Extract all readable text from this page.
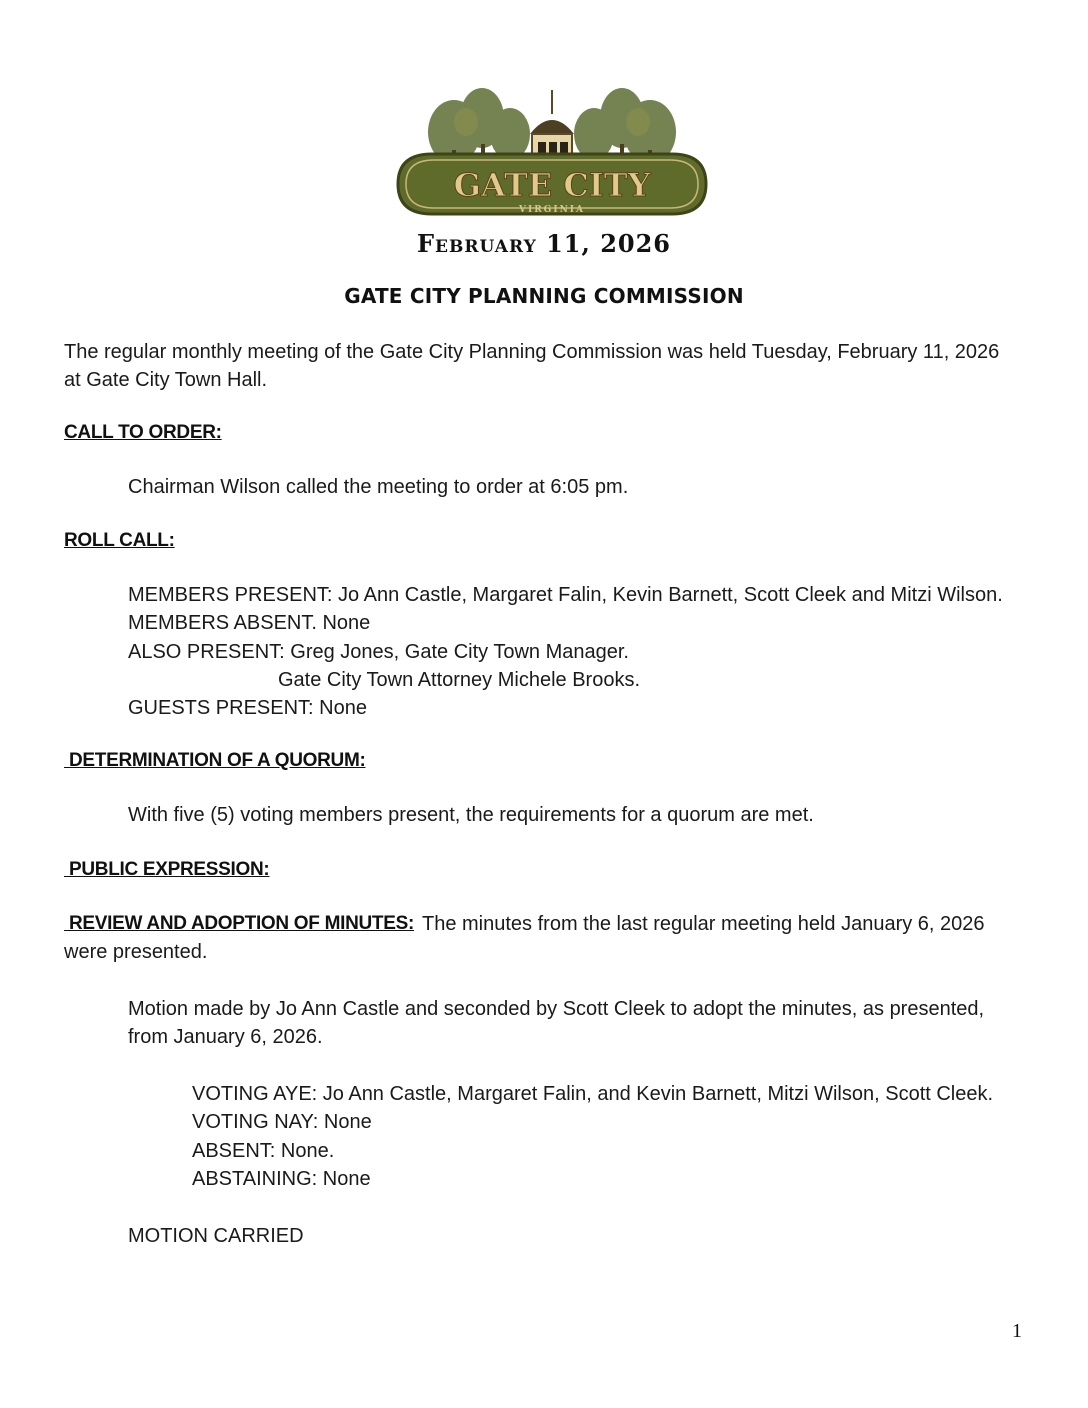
GATE CITY
VIRGINIA
February 11, 2026
GATE CITY PLANNING COMMISSION
The regular monthly meeting of the Gate City Planning Commission was held Tuesday, February 11, 2026
at Gate City Town Hall.
CALL TO ORDER:
Chairman Wilson called the meeting to order at 6:05 pm.
ROLL CALL:
MEMBERS PRESENT: Jo Ann Castle, Margaret Falin, Kevin Barnett, Scott Cleek and Mitzi Wilson.
MEMBERS ABSENT. None
ALSO PRESENT: Greg Jones, Gate City Town Manager.
Gate City Town Attorney Michele Brooks.
GUESTS PRESENT: None
DETERMINATION OF A QUORUM:
With five (5) voting members present, the requirements for a quorum are met.
PUBLIC EXPRESSION:
REVIEW AND ADOPTION OF MINUTES: The minutes from the last regular meeting held January 6, 2026
were presented.
Motion made by Jo Ann Castle and seconded by Scott Cleek to adopt the minutes, as presented,
from January 6, 2026.
VOTING AYE: Jo Ann Castle, Margaret Falin, and Kevin Barnett, Mitzi Wilson, Scott Cleek.
VOTING NAY: None
ABSENT: None.
ABSTAINING: None
MOTION CARRIED
1
